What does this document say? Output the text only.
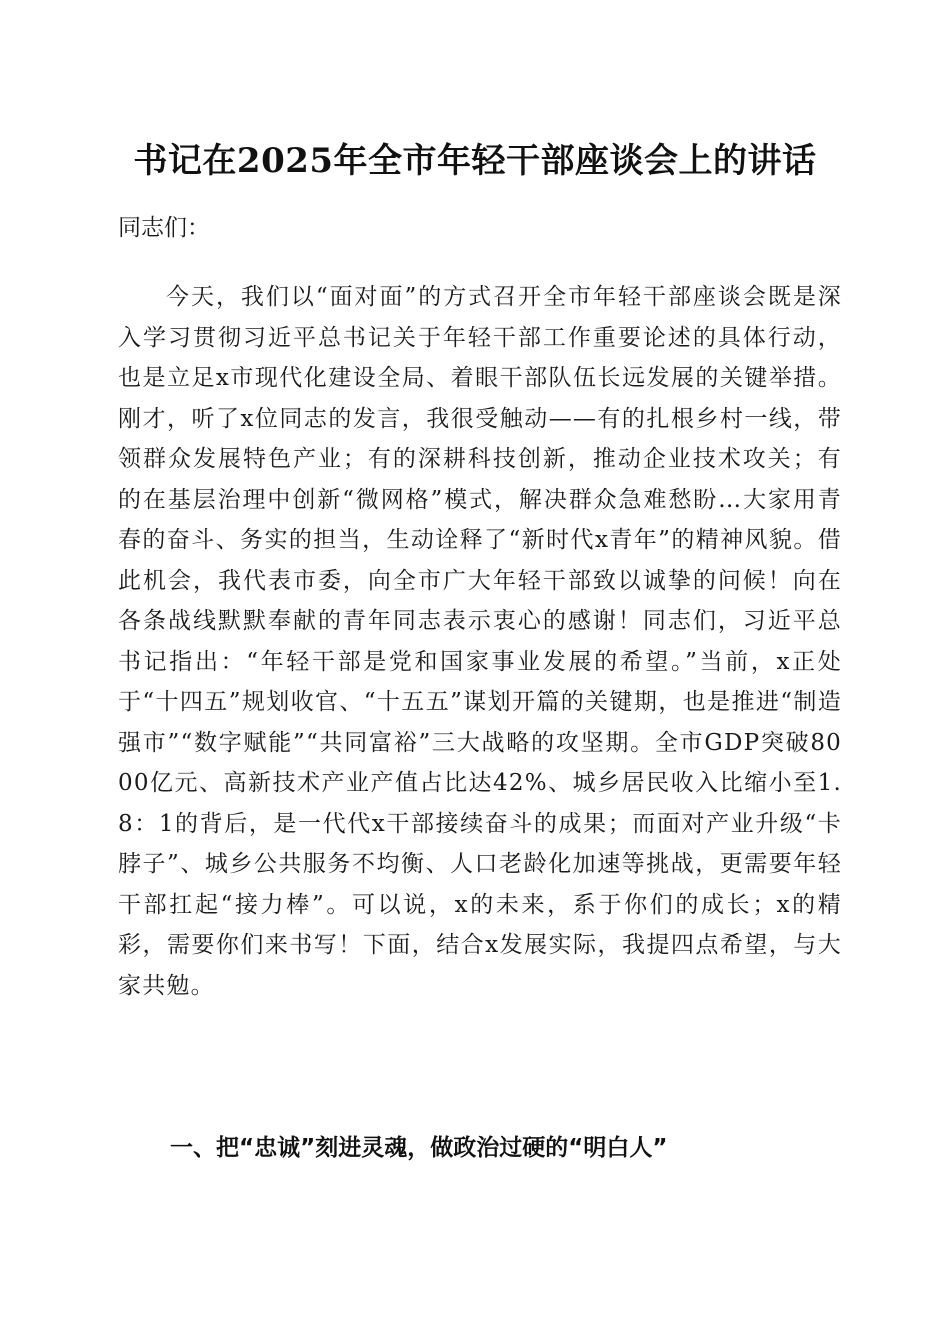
书记在2025年全市年轻干部座谈会上的讲话
同志们：
今天，我们以“面对面”的方式召开全市年轻干部座谈会既是深入学习贯彻习近平总书记关于年轻干部工作重要论述的具体行动，也是立足x市现代化建设全局、着眼干部队伍长远发展的关键举措。刚才，听了x位同志的发言，我很受触动——有的扎根乡村一线，带领群众发展特色产业；有的深耕科技创新，推动企业技术攻关；有的在基层治理中创新“微网格”模式，解决群众急难愁盼…大家用青春的奋斗、务实的担当，生动诠释了“新时代x青年”的精神风貌。借此机会，我代表市委，向全市广大年轻干部致以诚挚的问候！向在各条战线默默奉献的青年同志表示衷心的感谢！同志们，习近平总书记指出：“年轻干部是党和国家事业发展的希望。”当前，x正处于“十四五”规划收官、“十五五”谋划开篇的关键期，也是推进“制造强市”“数字赋能”“共同富裕”三大战略的攻坚期。全市GDP突破8000亿元、高新技术产业产值占比达42%、城乡居民收入比缩小至1.8：1的背后，是一代代x干部接续奋斗的成果；而面对产业升级“卡脖子”、城乡公共服务不均衡、人口老龄化加速等挑战，更需要年轻干部扛起“接力棒”。可以说，x的未来，系于你们的成长；x的精彩，需要你们来书写！下面，结合x发展实际，我提四点希望，与大家共勉。
一、把“忠诚”刻进灵魂，做政治过硬的“明白人”
